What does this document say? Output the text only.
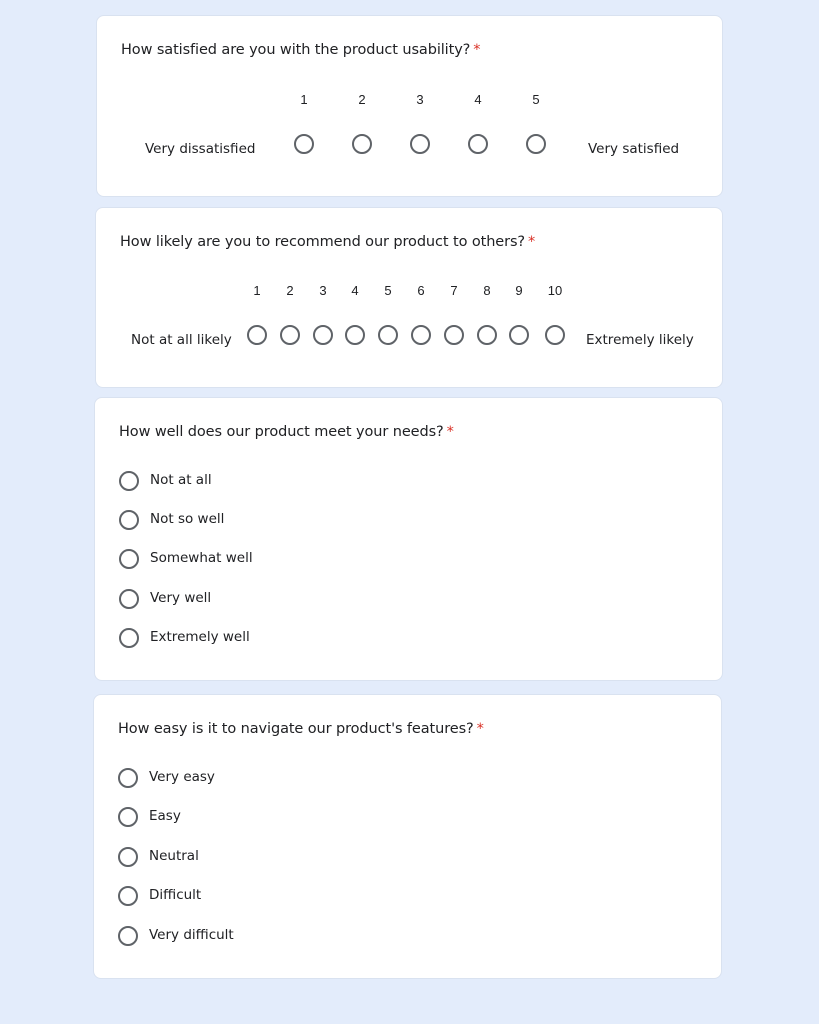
How satisfied are you with the product usability? *
1	2	3	4	5
Very dissatisfied	Very satisfied
How likely are you to recommend our product to others? *
1 2 3 4 5 6 7 8 9 10
Not at all likely	Extremely likely
How well does our product meet your needs? *
Not at all
Not so well
Somewhat well
Very well
Extremely well
How easy is it to navigate our product's features? *
Very easy
Easy
Neutral
Difficult
Very difficult
